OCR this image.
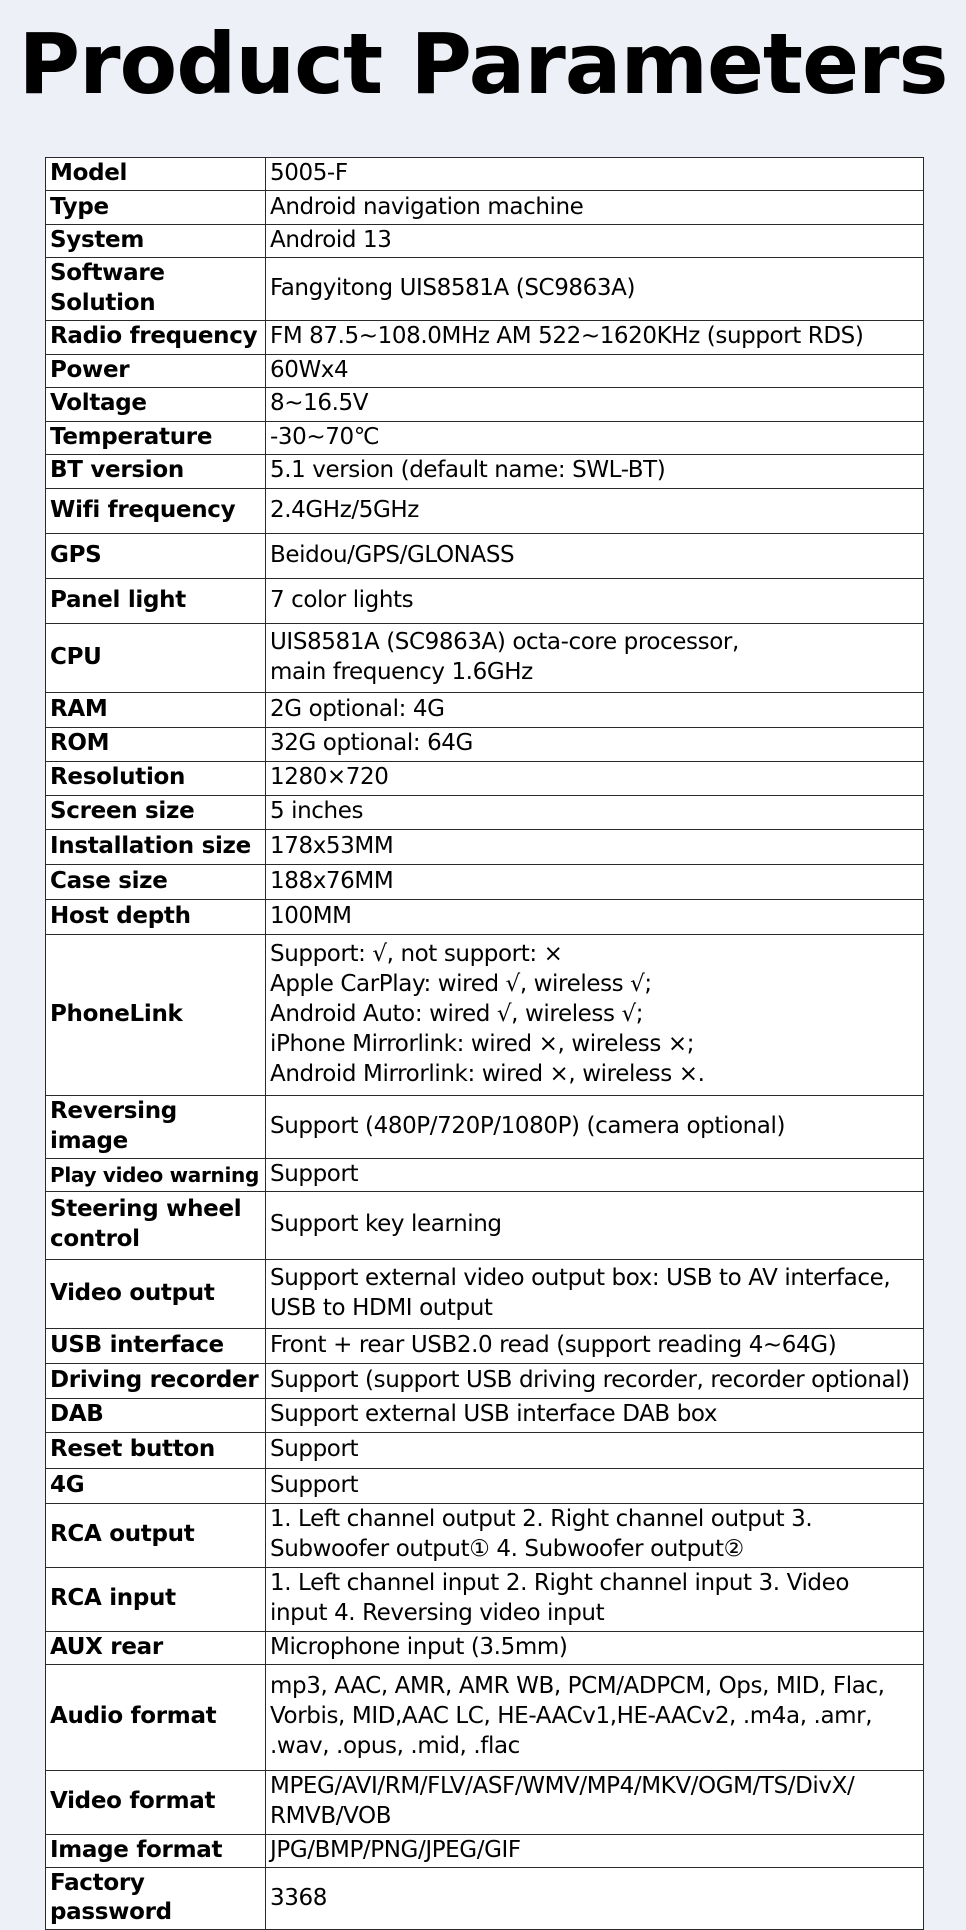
Product Parameters
Model	5005-F

Type	Android navigation machine

System	Android 13

Software Solution	Fangyitong UIS8581A (SC9863A)

Radio frequency	FM 87.5~108.0MHz AM 522~1620KHz (support RDS)

Power	60Wx4

Voltage	8~16.5V

Temperature	-30~70℃

BT version	5.1 version (default name: SWL-BT)

Wifi frequency	2.4GHz/5GHz

GPS	Beidou/GPS/GLONASS

Panel light	7 color lights

CPU	UIS8581A (SC9863A) octa-core processor,
main frequency 1.6GHz

RAM	2G optional: 4G

ROM	32G optional: 64G

Resolution	1280×720

Screen size	5 inches

Installation size	178x53MM

Case size	188x76MM

Host depth	100MM

PhoneLink	Support: √, not support: ×
Apple CarPlay: wired √, wireless √;
Android Auto: wired √, wireless √;
iPhone Mirrorlink: wired ×, wireless ×;
Android Mirrorlink: wired ×, wireless ×.

Reversing image	Support (480P/720P/1080P) (camera optional)

Play video warning	Support

Steering wheel control	Support key learning

Video output	Support external video output box: USB to AV interface,
USB to HDMI output

USB interface	Front + rear USB2.0 read (support reading 4~64G)

Driving recorder	Support (support USB driving recorder, recorder optional)

DAB	Support external USB interface DAB box

Reset button	Support

4G	Support

RCA output	1. Left channel output 2. Right channel output 3.
Subwoofer output① 4. Subwoofer output②

RCA input	1. Left channel input 2. Right channel input 3. Video
input 4. Reversing video input

AUX rear	Microphone input (3.5mm)

Audio format	mp3, AAC, AMR, AMR WB, PCM/ADPCM, Ops, MID, Flac,
Vorbis, MID,AAC LC, HE-AACv1,HE-AACv2, .m4a, .amr,
.wav, .opus, .mid, .flac

Video format	MPEG/AVI/RM/FLV/ASF/WMV/MP4/MKV/OGM/TS/DivX/
RMVB/VOB

Image format	JPG/BMP/PNG/JPEG/GIF

Factory password	3368
